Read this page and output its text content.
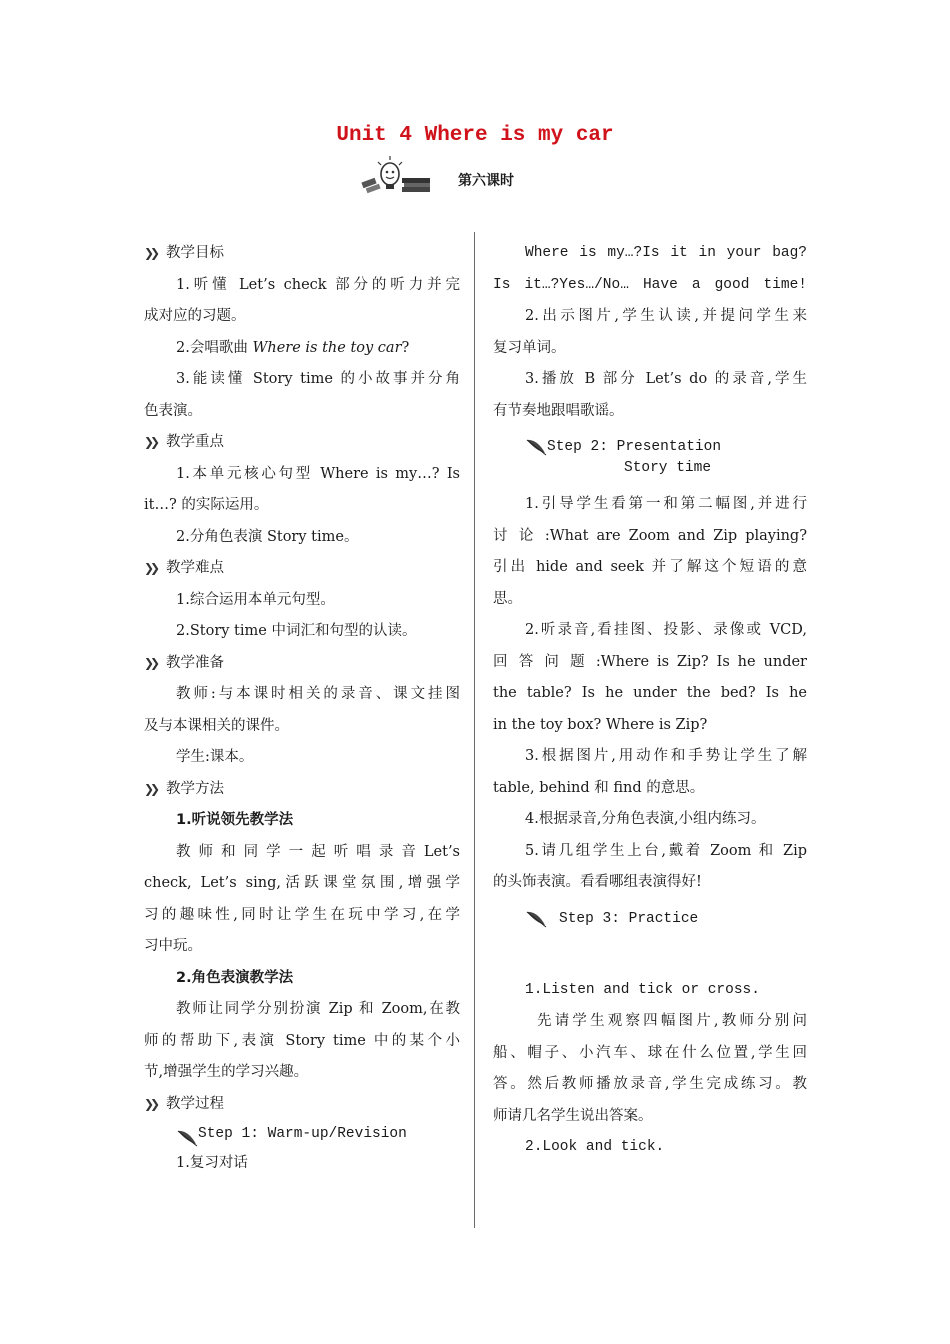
Unit 4 Where is my car
第六课时
❯❯ 教学目标
1.听懂 Let’s check 部分的听力并完
成对应的习题。
2.会唱歌曲 Where is the toy car?
3.能读懂 Story time 的小故事并分角
色表演。
❯❯ 教学重点
1.本单元核心句型 Where is my…? Is
it…? 的实际运用。
2.分角色表演 Story time。
❯❯ 教学难点
1.综合运用本单元句型。
2.Story time 中词汇和句型的认读。
❯❯ 教学准备
教师:与本课时相关的录音、课文挂图
及与本课相关的课件。
学生:课本。
❯❯ 教学方法
1.听说领先教学法
教 师 和 同 学 一 起 听 唱 录 音 Let’s
check, Let’s sing,活跃课堂氛围,增强学
习的趣味性,同时让学生在玩中学习,在学
习中玩。
2.角色表演教学法
教师让同学分别扮演 Zip 和 Zoom,在教
师的帮助下,表演 Story time 中的某个小
节,增强学生的学习兴趣。
❯❯ 教学过程
Step 1: Warm-up/Revision
1.复习对话
Where is my…?Is it in your bag?
Is it…?Yes…/No… Have a good time!
2.出示图片,学生认读,并提问学生来
复习单词。
3.播放 B 部分 Let’s do 的录音,学生
有节奏地跟唱歌谣。
Step 2: Presentation
Story time
1.引导学生看第一和第二幅图,并进行
讨 论 :What are Zoom and Zip playing?
引出 hide and seek 并了解这个短语的意
思。
2.听录音,看挂图、投影、录像或 VCD,
回 答 问 题 :Where is Zip? Is he under
the table? Is he under the bed? Is he
in the toy box? Where is Zip?
3.根据图片,用动作和手势让学生了解
table, behind 和 find 的意思。
4.根据录音,分角色表演,小组内练习。
5.请几组学生上台,戴着 Zoom 和 Zip
的头饰表演。看看哪组表演得好!
Step 3: Practice
1.Listen and tick or cross.
先请学生观察四幅图片,教师分别问
船、帽子、小汽车、球在什么位置,学生回
答。然后教师播放录音,学生完成练习。教
师请几名学生说出答案。
2.Look and tick.
